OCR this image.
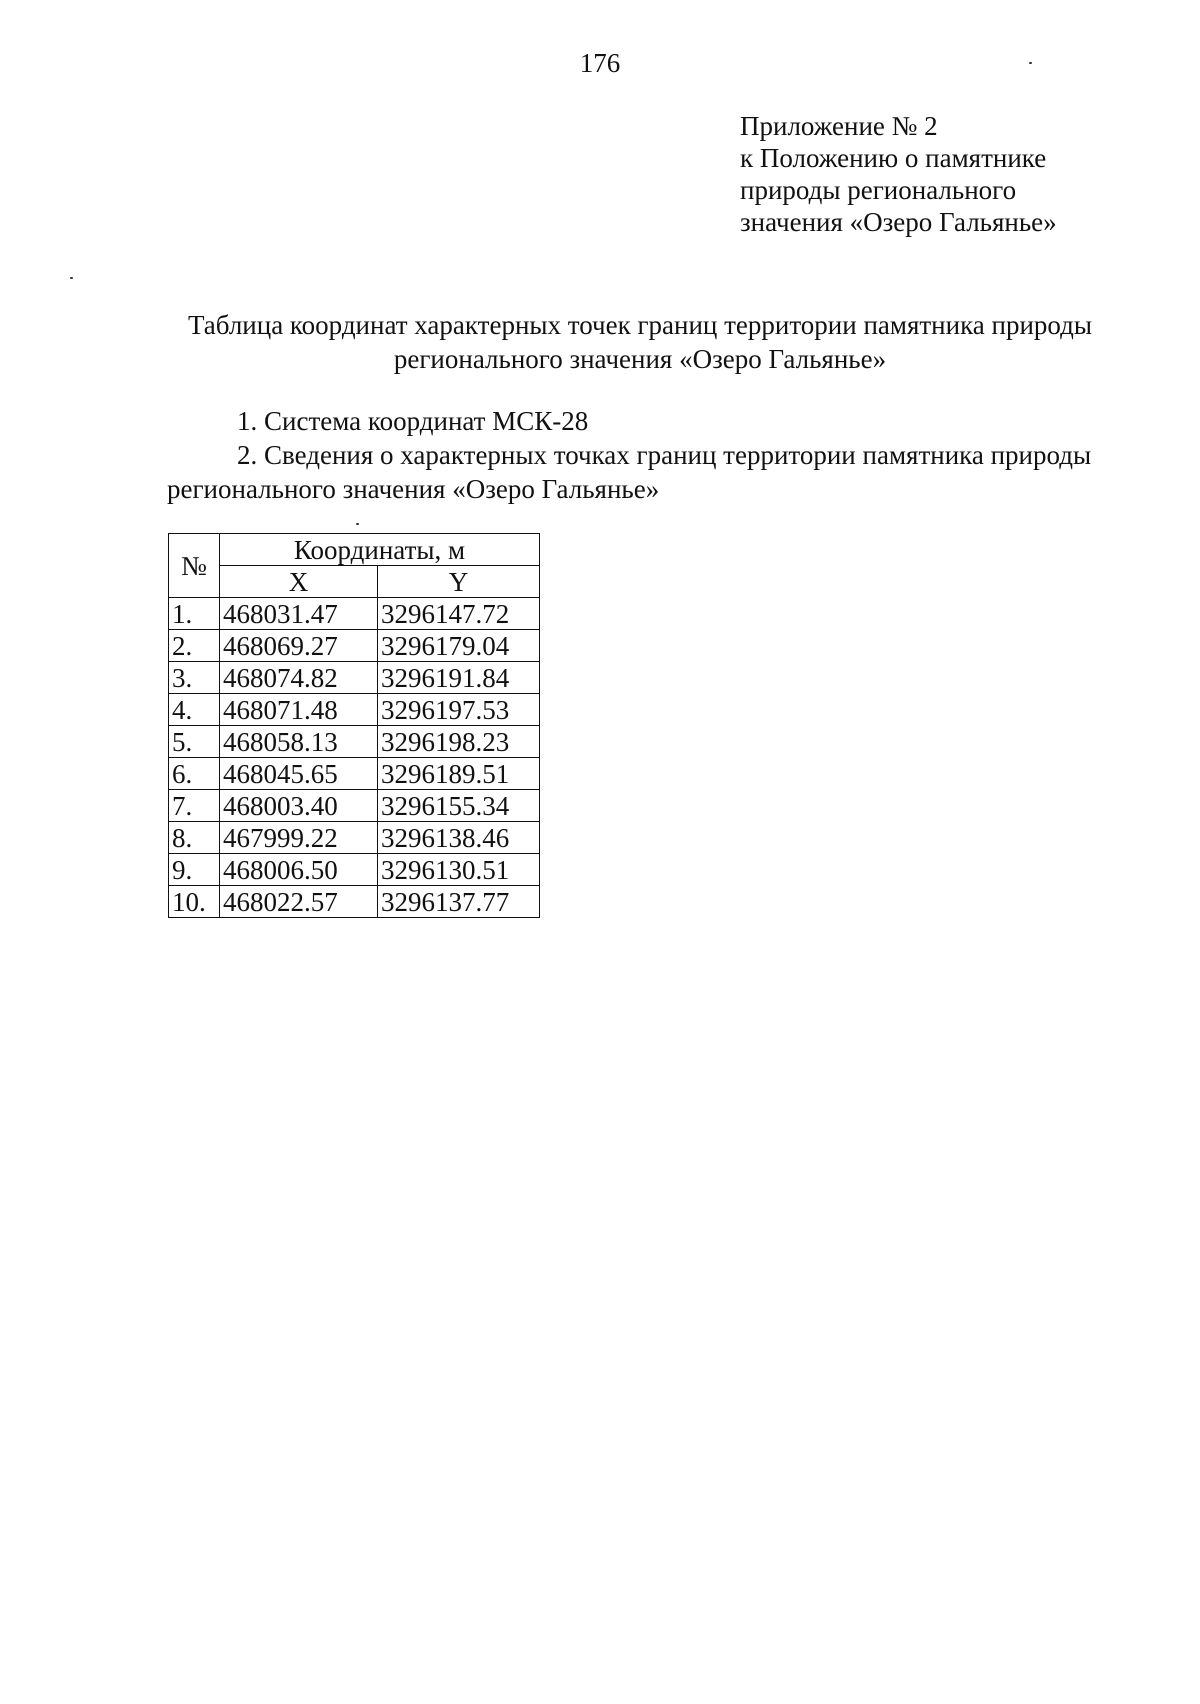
176
Приложение № 2
к Положению о памятнике
природы регионального
значения «Озеро Гальянье»
Таблица координат характерных точек границ территории памятника природы
регионального значения «Озеро Гальянье»
1. Система координат МСК-28
2. Сведения о характерных точках границ территории памятника природы регионального значения «Озеро Гальянье»
№	Координаты, м	
	X	Y
1.	468031.47	3296147.72
2.	468069.27	3296179.04
3.	468074.82	3296191.84
4.	468071.48	3296197.53
5.	468058.13	3296198.23
6.	468045.65	3296189.51
7.	468003.40	3296155.34
8.	467999.22	3296138.46
9.	468006.50	3296130.51
10.	468022.57	3296137.77
